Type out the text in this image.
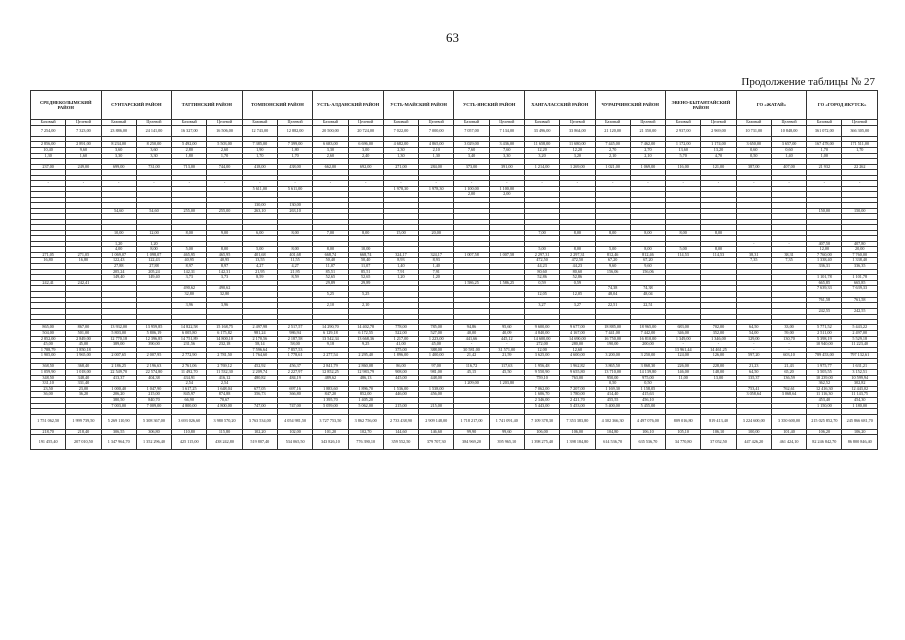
63
Продолжение таблицы № 27
СРЕДНЕКОЛЫМСКИЙ РАЙОН		СУНТАРСКИЙ РАЙОН		ТАТТИНСКИЙ РАЙОН		ТОМПОНСКИЙ РАЙОН		УСТЬ-АЛДАНСКИЙ РАЙОН		УСТЬ-МАЙСКИЙ РАЙОН		УСТЬ-ЯНСКИЙ РАЙОН		ХАНГАЛАССКИЙ РАЙОН		ЧУРАПЧИНСКИЙ РАЙОН		ЭВЕНО-БЫТАНТАЙСКИЙ РАЙОН		ГО «ЖАТАЙ»		ГО «ГОРОД ЯКУТСК»	
Базовый	Целевой	Базовый	Целевой	Базовый	Целевой	Базовый	Целевой	Базовый	Целевой	Базовый	Целевой	Базовый	Целевой	Базовый	Целевой	Базовый	Целевой	Базовый	Целевой	Базовый	Целевой	Базовый	Целевой
7 254,00	7 323,00	23 886,00	24 141,00	16 327,00	16 506,00	12 743,00	12 882,00	20 500,00	20 724,00	7 022,00	7 000,00	7 057,00	7 134,00	33 496,00	33 864,00	21 120,00	21 350,00	2 937,00	2 969,00	10 731,00	10 848,00	361 072,00	366 305,00

2 856,00	2 891,00	8 234,00	8 250,00	5 492,00	5 503,00	7 385,00	7 399,00	6 683,00	6 696,00	4 682,00	4 865,00	3 029,00	3 436,00	11 658,00	11 680,00	7 445,00	7 462,00	1 172,00	1 174,00	3 650,00	3 657,00	167 478,00	171 511,00
10,40	9,60	3,60	3,60	2,80	2,60	1,90	1,80	3,30	3,00	2,30	2,10	7,60	7,60	12,20	12,20	2,70	2,70	13,60	13,20	0,60	0,60	1,70	1,70
1,30	1,60	3,30	3,30	1,80	1,70	1,70	1,70	2,60	2,40	1,30	1,30	3,40	3,30	3,20	3,20	2,10	2,10	5,70	4,70	0,50	1,40	1,00	

237,00	249,00	699,00	731,00	713,00	744,00	418,00	438,00	662,00	692,00	271,00	284,00	373,00	391,00	1 214,00	1 269,00	1 021,00	1 069,00	116,00	121,00	387,00	407,00	21 932	22 262

-	-	-	-	-	-	-	-	-	-	-	-	-	-	-	-	-	-	-	-	-	-	-	-
						5 611,00	5 611,00			1 978,30	1 978,30	1 100,00	1 100,00										
												2,00	2,00										

						130,00	130,00																
		54,60	54,60	255,00	255,00	263,10	263,10															150,00	150,00

		10,00	12,00	8,00	9,00	6,00	8,00	7,00	8,00	15,00	20,00			7,00	8,00	8,00	8,00	8,00	8,00				

		1,20	1,20																	-	-	407,50	407,80
		4,00	8,00	5,00	8,00	5,00	8,00	8,00	10,00					5,00	8,00	5,00	8,00	5,00	8,00			12,00	20,00
271,05	271,05	1 069,07	1 098,07	465,95	465,95	401,68	401,68	668,74	668,74	324,17	324,17	1 007,58	1 007,58	2 297,31	2 297,31	812,46	812,46	114,53	114,53	38,31	38,31	7 760,00	7 760,00
16,80	16,80	122,43	122,43	40,95	40,95	13,55	11,55	50,40	50,40	8,93	8,93			472,50	472,50	67,20	67,20			7,35	7,35	1 338,40	1 338,40
		27,88	27,88	8,97	8,97	4,27	4,27	11,07	11,07	1,40	1,40			44,23	44,23	9,60	9,60					336,31	336,35
		205,24	205,24	142,31	142,31	21,95	21,95	85,51	85,51	7,91	7,91			80,60	80,60	156,06	156,06						
		149,40	149,40	3,73	3,73	8,59	8,59	52,65	52,65	1,20	1,20			52,86	52,86							1 101,78	1 101,78
242,41	242,41							29,89	29,89			1 586,25	1 586,25	0,59	0,59							665,85	665,85
				490,62	490,62											74,38	74,38					7 639,33	7 639,33
				32,80	32,80			5,25	5,25					12,05	12,05	48,04	48,04						
																						761,58	761,58
				3,96	3,96			2,10	2,10					3,27	3,27	22,51	22,51						
																						242,55	242,55

865,00	867,00	13 932,00	13 959,85	14 822,58	15 168,75	2 497,98	2 517,57	14 290,70	14 402,78	778,00	785,00	94,86	95,60	9 600,00	9 677,00	18 885,00	18 965,00	683,00	702,00	64,50	33,00	5 771,52	5 443,22
504,00	501,00	5 803,00	5 806,19	6 005,80	6 175,82	981,24	986,94	6 129,18	6 172,55	522,00	527,00	40,00	40,09	4 840,00	4 167,00	7 441,00	7 442,00	346,00	352,00	54,00	59,00	2 511,00	2 497,00
2 852,00	2 849,00	12 770,18	12 396,85	14 751,89	14 800,10	2 170,56	2 187,58	13 542,34	13 668,36	1 217,00	1 223,00	441,66	445,12	14 600,00	14 690,00	16 750,00	16 810,00	1 349,00	1 346,00	129,00	130,70	5 398,19	5 529,18
45,00	45,00	389,00	390,00	231,56	232,18	58,14	58,00	9,18	9,25	41,00	45,00	-	-	272,00	280,00	190,00	200,00	-	-	-	-	10 940,00	11 223,40
1 788,79	1 850,18					7 596,64	7 857,53			375,00	388,00	30 581,00	31 571,00	12,00	12,60			13 961,44	14 461,25	-	-		
1 905,00	1 965,00	2 007,65	2 007,95	2 772,90	2 781,50	1 764,60	1 778,61	2 277,54	2 295,40	1 896,00	1 400,00	21,42	21,59	3 625,00	4 600,00	3 200,00	3 250,00	124,00	126,00	597,20	603,10	789 453,00	797 132,61

368,50	368,40	2 186,25	2 196,63	2 761,06	2 769,12	452,92	456,37	2 841,79	2 860,08	86,00	97,00	116,72	117,63	1 956,48	1 962,82	3 865,50	3 868,30	226,00	228,00	21,23	21,43	1 975,77	1 631,21
1 059,90	1 018,00	22 549,70	22 574,80	11 492,70	11 532,30	2 209,74	2 227,97	12 852,25	12 983,79	908,00	981,00	45,15	45,50	9 550,90	9 655,80	13 710,00	14 139,80	146,00	148,00	64,50	65,20	3 505,55	3 152,51
348,50	348,40	413,37	404,38	434,91	416,12	480,82	484,19	489,62	486,13	445,00	448,00			759,10	763,00	950,00	975,00	11,00	13,00	135,37	136,59	10 239,00	10 599,94
331,10	331,40			2,54	2,54							1 209,00	1 203,80			0,50	0,50					362,52	302,82
23,50	23,00	1 000,40	1 047,90	1 617,25	1 648,04	677,05	697,16	1 883,60	1 896,70	1 536,00	1 538,00			7 062,00	7 207,00	1 169,30	1 158,05			753,41	762,61	12 416,30	12 443,02
36,00	36,20	206,20	215,00	845,97	874,88	356,73	366,80	847,20	852,00	446,00	456,00			1 606,70	1 780,00	414,40	415,63			3 058,64	3 068,64	11 116,30	11 143,75
		380,50	840,70	66,90	70,67			1 395,70	1 405,20					2 346,00	2 421,70	455,55	456,10					453,40	454,30
		7 003,00	7 009,00	4 800,00	4 800,00	747,00	747,00	5 059,00	5 062,00	215,00	215,00			5 443,00	5 453,00	5 400,00	5 455,00					1 150,00	1 180,00

1 751 062,50	1 999 739,50	5 269 110,90	5 308 367,00	3 693 026,60	3 980 570,20	3 763 534,00	4 054 981,50	3 727 753,50	3 862 756,00	2 733 438,90	2 909 148,00	1 718 217,00	1 741 091,40	7 109 378,30	7 353 383,80	4 302 366,30	4 497 076,00	809 016,80	819 413,40	3 224 600,00	3 350 600,00	215 025 852,70	245 866 681,70
218,70	218,40	306,55	306,80	110,80	115,80	102,20	102,00	101,20	102,70	144,60	146,60	99,90	99,60	106,00	106,00	104,80	106,10	105,10	106,10	100,00	101,40	106,20	106,20
191 455,40	207 010,50	1 347 964,70	1 352 296,40	425 115,00	438 242,80	519 807,40	534 065,50	343 826,10	776 390,10	359 552,50	379 707,30	384 969,20	395 965,10	1 398 275,40	1 398 184,80	614 536,70	635 536,70	34 770,80	37 052,50	447 426,20	461 424,10	82 246 842,70	86 800 846,40
